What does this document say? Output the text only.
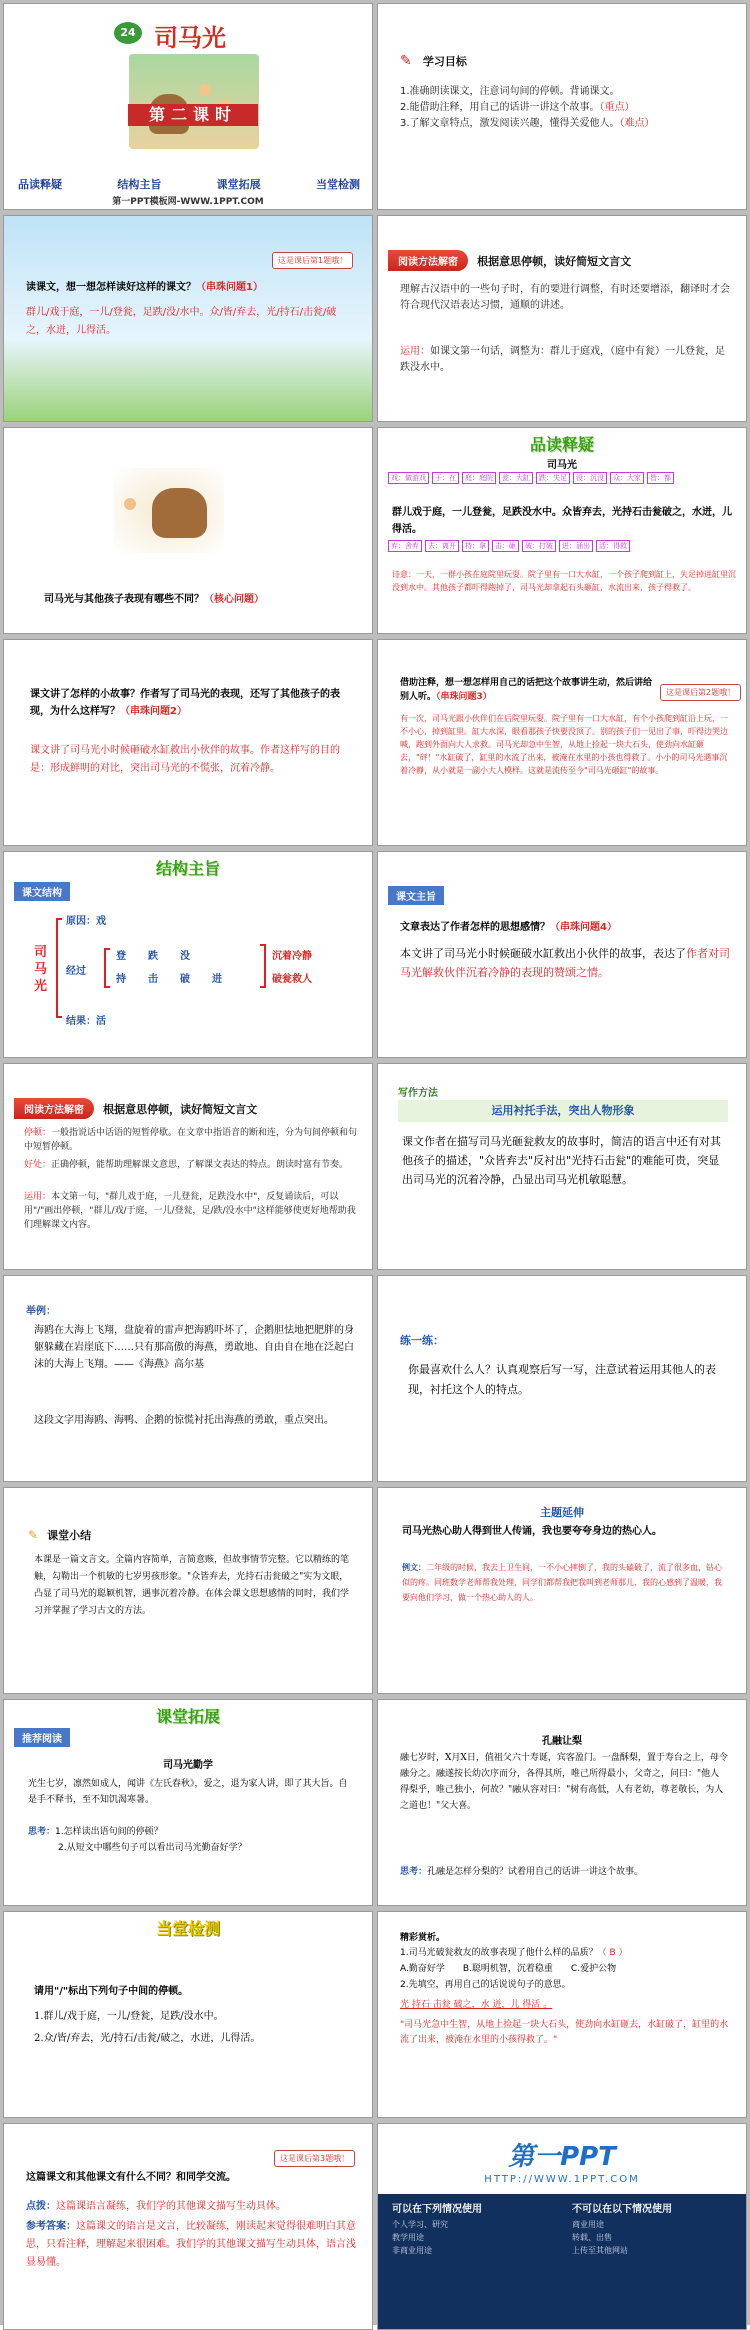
24 司马光
第二课时
品读释疑	结构主旨	课堂拓展	当堂检测
第一PPT模板网-WWW.1PPT.COM
✎ 学习目标
1.准确朗读课文，注意词句间的停顿。背诵课文。
2.能借助注释，用自己的话讲一讲这个故事。（重点）
3.了解文章特点，激发阅读兴趣，懂得关爱他人。（难点）
这是课后第1题哦！
读课文，想一想怎样读好这样的课文？（串珠问题1）
群儿/戏于庭，一儿/登瓮，足跌/没/水中。众/皆/弃去，光/持石/击瓮/破之，水迸，儿得活。
阅读方法解密 根据意思停顿，读好简短文言文
理解古汉语中的一些句子时，有的要进行调整，有时还要增添，翻译时才会符合现代汉语表达习惯，通顺的讲述。
运用：如课文第一句话，调整为：群儿于庭戏，（庭中有瓮）一儿登瓮，足跌没水中。
司马光与其他孩子表现有哪些不同？（核心问题）
品读释疑
司马光
戏：做游戏	于：在	庭：庭院	瓮：大缸	跌：失足	没：沉没	众：大家	皆：都
群儿戏于庭，一儿登瓮，足跌没水中。众皆弃去，光持石击瓮破之，水迸，儿得活。
弃：舍弃	去：离开	持：拿	击：砸	破：打破	迸：涌出	活：得救
诗意：一天，一群小孩在庭院里玩耍。院子里有一口大水缸，一个孩子爬到缸上，失足掉进缸里沉没到水中。其他孩子都吓得跑掉了，司马光却拿起石头砸缸，水流出来，孩子得救了。
课文讲了怎样的小故事？作者写了司马光的表现，还写了其他孩子的表现，为什么这样写？（串珠问题2）
课文讲了司马光小时候砸破水缸救出小伙伴的故事。作者这样写的目的是：形成鲜明的对比，突出司马光的不慌张，沉着冷静。
这是课后第2题哦！
借助注释，想一想怎样用自己的话把这个故事讲生动，然后讲给别人听。（串珠问题3）
有一次，司马光跟小伙伴们在后院里玩耍。院子里有一口大水缸，有个小孩爬到缸沿上玩，一不小心，掉到缸里。缸大水深，眼看那孩子快要没顶了。别的孩子们一见出了事，吓得边哭边喊，跑到外面向大人求救。司马光却急中生智，从地上捡起一块大石头，使劲向水缸砸去，"砰！"水缸破了，缸里的水流了出来，被淹在水里的小孩也得救了。小小的司马光遇事沉着冷静，从小就是一副小大人模样。这就是流传至今"司马光砸缸"的故事。
结构主旨
课文结构
司马光
原因：戏
经过
结果：活
登 跌 没
持 击 破 进
沉着冷静
破瓮救人
课文主旨
文章表达了作者怎样的思想感情？（串珠问题4）
本文讲了司马光小时候砸破水缸救出小伙伴的故事，表达了作者对司马光解救伙伴沉着冷静的表现的赞颂之情。
阅读方法解密 根据意思停顿，读好简短文言文
停顿：一般指说话中话语的短暂停歇。在文章中指语音的断和连，分为句间停顿和句中短暂停顿。
好处：正确停顿，能帮助理解课文意思，了解课文表达的特点。朗读时富有节奏。
运用：本文第一句，"群儿戏于庭，一儿登瓮，足跌没水中"，反复诵读后，可以用"/"画出停顿，"群儿/戏/于庭，一儿/登瓮，足/跌/没水中"这样能够使更好地帮助我们理解课文内容。
写作方法
运用衬托手法，突出人物形象
课文作者在描写司马光砸瓮救友的故事时，简洁的语言中还有对其他孩子的描述，"众皆弃去"反衬出"光持石击瓮"的难能可贵，突显出司马光的沉着冷静，凸显出司马光机敏聪慧。
举例：
海鸥在大海上飞翔，盘旋着的雷声把海鸥吓坏了，企鹅胆怯地把肥胖的身躯躲藏在岩崖底下……只有那高傲的海燕，勇敢地、自由自在地在泛起白沫的大海上飞翔。——《海燕》高尔基
这段文字用海鸥、海鸭、企鹅的惊慌衬托出海燕的勇敢，重点突出。
练一练：
你最喜欢什么人？认真观察后写一写，注意试着运用其他人的表现，衬托这个人的特点。
✎ 课堂小结
本课是一篇文言文。全篇内容简单，言简意赅，但故事情节完整。它以精练的笔触，勾勒出一个机敏的七岁男孩形象。"众皆弃去，光持石击瓮破之"实为文眼，凸显了司马光的聪颖机智，遇事沉着冷静。在体会课文思想感情的同时，我们学习并掌握了学习古文的方法。
主题延伸
司马光热心助人得到世人传诵，我也要夸夸身边的热心人。
例文：二年级的时候，我去上卫生间，一不小心摔倒了，我的头磕破了，流了很多血，钻心似的疼。同班数学老师帮我处理，同学们都帮我把我叫到老师那儿，我的心感到了温暖，我要向他们学习，做一个热心助人的人。
课堂拓展
推荐阅读
司马光勤学
光生七岁，凛然如成人，闻讲《左氏春秋》，爱之，退为家人讲，即了其大旨。自是手不释书，至不知饥渴寒暑。
思考：1.怎样读出语句间的停顿？
2.从短文中哪些句子可以看出司马光勤奋好学？
孔融让梨
融七岁时，X月X日，值祖父六十寿诞，宾客盈门。一盘酥梨，置于寿台之上，母令融分之。融遂按长幼次序而分，各得其所，唯己所得最小，父奇之，问曰："他人得梨乎，唯己独小，何故？"融从容对曰："树有高低，人有老幼，尊老敬长，为人之道也！"父大喜。
思考：孔融是怎样分梨的？试着用自己的话讲一讲这个故事。
当堂检测
请用"/"标出下列句子中间的停顿。
1.群儿/戏于庭，一儿/登瓮，足跌/没水中。
2.众/皆/弃去，光/持石/击瓮/破之，水迸，儿得活。
精彩赏析。
1.司马光破瓮救友的故事表现了他什么样的品质？（ B ）
A.勤奋好学 B.聪明机智，沉着稳重 C.爱护公物
2.先填空，再用自己的话说说句子的意思。
光 持石 击瓮 破之，水 迸，儿 得活 。
"司马光急中生智，从地上捡起一块大石头，使劲向水缸砸去，水缸破了，缸里的水流了出来，被淹在水里的小孩得救了。"
这是课后第3题哦！
这篇课文和其他课文有什么不同？和同学交流。
点拨：这篇课语言凝练，我们学的其他课文描写生动具体。
参考答案：这篇课文的语言是文言，比较凝练，刚读起来觉得很难明白其意思，只看注释，理解起来很困难。我们学的其他课文描写生动具体，语言浅显易懂。
第一PPT
HTTP://WWW.1PPT.COM
可以在下列情况使用
个人学习、研究
教学用途
非商业用途
不可以在以下情况使用
商业用途
转载、出售
上传至其他网站
